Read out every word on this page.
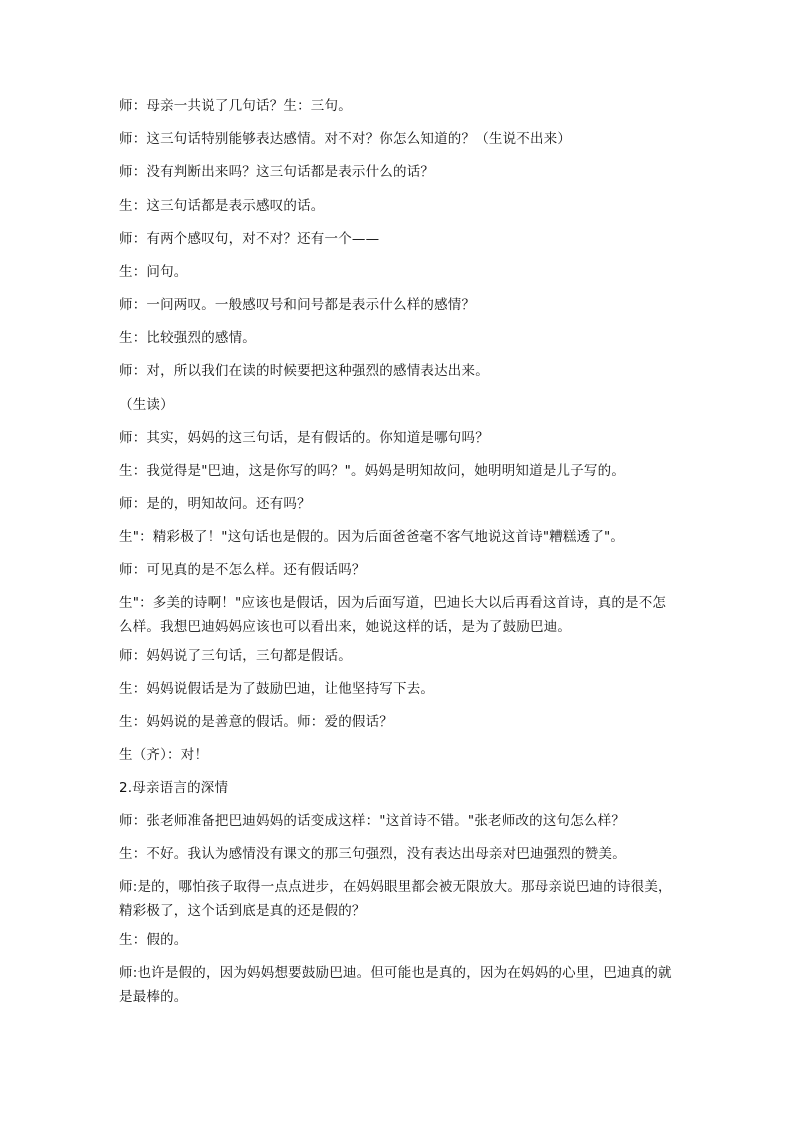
师：母亲一共说了几句话？生：三句。
师：这三句话特别能够表达感情。对不对？你怎么知道的？（生说不出来）
师：没有判断出来吗？这三句话都是表示什么的话？
生：这三句话都是表示感叹的话。
师：有两个感叹句，对不对？还有一个——
生：问句。
师：一问两叹。一般感叹号和问号都是表示什么样的感情？
生：比较强烈的感情。
师：对，所以我们在读的时候要把这种强烈的感情表达出来。
（生读）
师：其实，妈妈的这三句话，是有假话的。你知道是哪句吗？
生：我觉得是"巴迪，这是你写的吗？"。妈妈是明知故问，她明明知道是儿子写的。
师：是的，明知故问。还有吗？
生"：精彩极了！"这句话也是假的。因为后面爸爸毫不客气地说这首诗"糟糕透了"。
师：可见真的是不怎么样。还有假话吗？
生"：多美的诗啊！"应该也是假话，因为后面写道，巴迪长大以后再看这首诗，真的是不怎么样。我想巴迪妈妈应该也可以看出来，她说这样的话，是为了鼓励巴迪。
师：妈妈说了三句话，三句都是假话。
生：妈妈说假话是为了鼓励巴迪，让他坚持写下去。
生：妈妈说的是善意的假话。师：爱的假话？
生（齐）：对！
2.母亲语言的深情
师：张老师准备把巴迪妈妈的话变成这样："这首诗不错。"张老师改的这句怎么样？
生：不好。我认为感情没有课文的那三句强烈，没有表达出母亲对巴迪强烈的赞美。
师:是的，哪怕孩子取得一点点进步，在妈妈眼里都会被无限放大。那母亲说巴迪的诗很美，精彩极了，这个话到底是真的还是假的？
生：假的。
师:也许是假的，因为妈妈想要鼓励巴迪。但可能也是真的，因为在妈妈的心里，巴迪真的就是最棒的。
